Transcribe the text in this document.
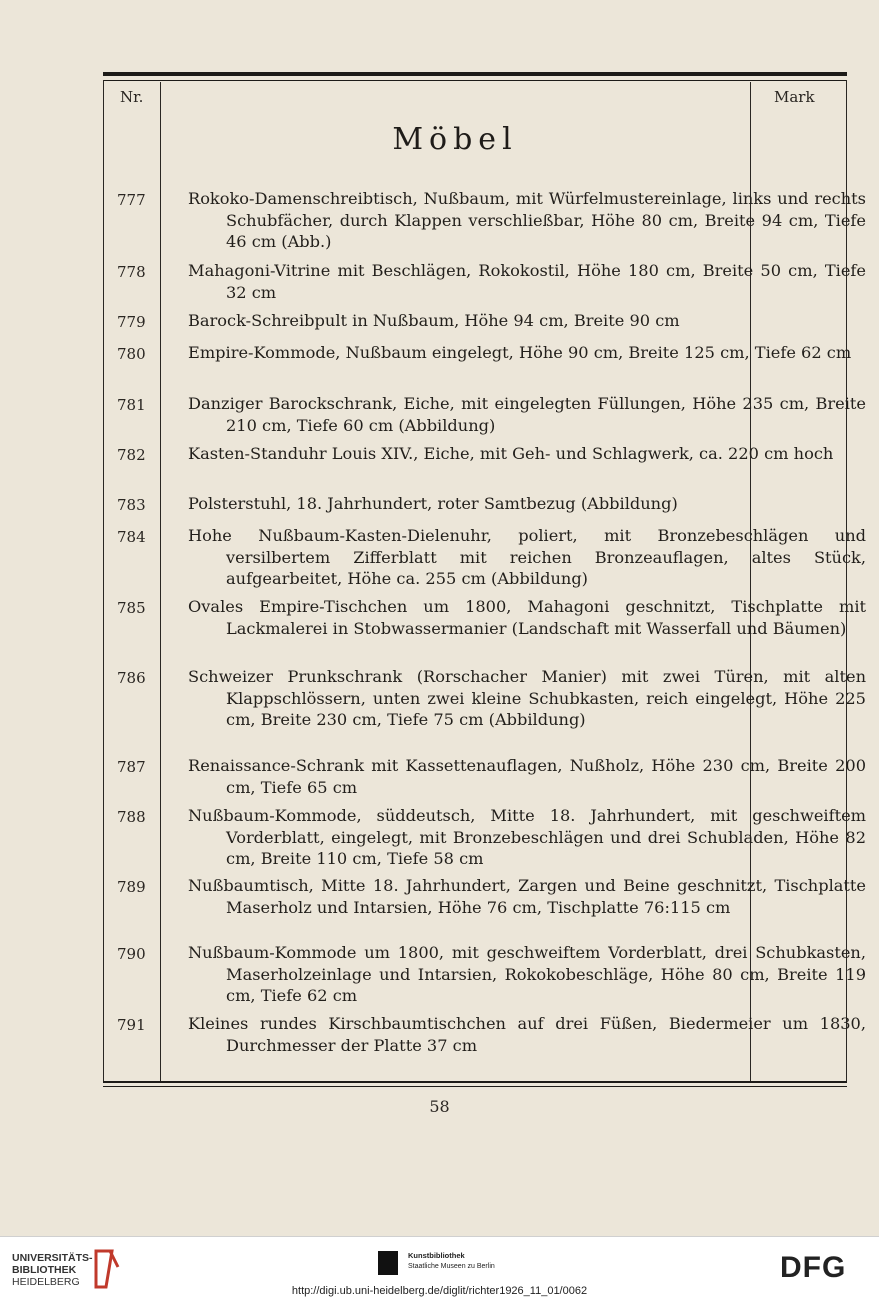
Nr.	Mark
Möbel
777	Rokoko-Damenschreibtisch, Nußbaum, mit Würfelmustereinlage, links und rechts Schubfächer, durch Klappen verschließbar, Höhe 80 cm, Breite 94 cm, Tiefe 46 cm (Abb.)
778	Mahagoni-Vitrine mit Beschlägen, Rokokostil, Höhe 180 cm, Breite 50 cm, Tiefe 32 cm
779	Barock-Schreibpult in Nußbaum, Höhe 94 cm, Breite 90 cm
780	Empire-Kommode, Nußbaum eingelegt, Höhe 90 cm, Breite 125 cm, Tiefe 62 cm
781	Danziger Barockschrank, Eiche, mit eingelegten Füllungen, Höhe 235 cm, Breite 210 cm, Tiefe 60 cm (Abbildung)
782	Kasten-Standuhr Louis XIV., Eiche, mit Geh- und Schlagwerk, ca. 220 cm hoch
783	Polsterstuhl, 18. Jahrhundert, roter Samtbezug (Abbildung)
784	Hohe Nußbaum-Kasten-Dielenuhr, poliert, mit Bronzebeschlägen und versilbertem Zifferblatt mit reichen Bronzeauflagen, altes Stück, aufgearbeitet, Höhe ca. 255 cm (Abbildung)
785	Ovales Empire-Tischchen um 1800, Mahagoni geschnitzt, Tischplatte mit Lackmalerei in Stobwassermanier (Landschaft mit Wasserfall und Bäumen)
786	Schweizer Prunkschrank (Rorschacher Manier) mit zwei Türen, mit alten Klappschlössern, unten zwei kleine Schubkasten, reich eingelegt, Höhe 225 cm, Breite 230 cm, Tiefe 75 cm (Abbildung)
787	Renaissance-Schrank mit Kassettenauflagen, Nußholz, Höhe 230 cm, Breite 200 cm, Tiefe 65 cm
788	Nußbaum-Kommode, süddeutsch, Mitte 18. Jahrhundert, mit geschweiftem Vorderblatt, eingelegt, mit Bronzebeschlägen und drei Schubladen, Höhe 82 cm, Breite 110 cm, Tiefe 58 cm
789	Nußbaumtisch, Mitte 18. Jahrhundert, Zargen und Beine geschnitzt, Tischplatte Maserholz und Intarsien, Höhe 76 cm, Tischplatte 76:115 cm
790	Nußbaum-Kommode um 1800, mit geschweiftem Vorderblatt, drei Schubkasten, Maserholzeinlage und Intarsien, Rokokobeschläge, Höhe 80 cm, Breite 119 cm, Tiefe 62 cm
791	Kleines rundes Kirschbaumtischchen auf drei Füßen, Biedermeier um 1830, Durchmesser der Platte 37 cm
58
UNIVERSITÄTS-
BIBLIOTHEK
HEIDELBERG
Kunstbibliothek
Staatliche Museen zu Berlin	DFG
http://digi.ub.uni-heidelberg.de/diglit/richter1926_11_01/0062
